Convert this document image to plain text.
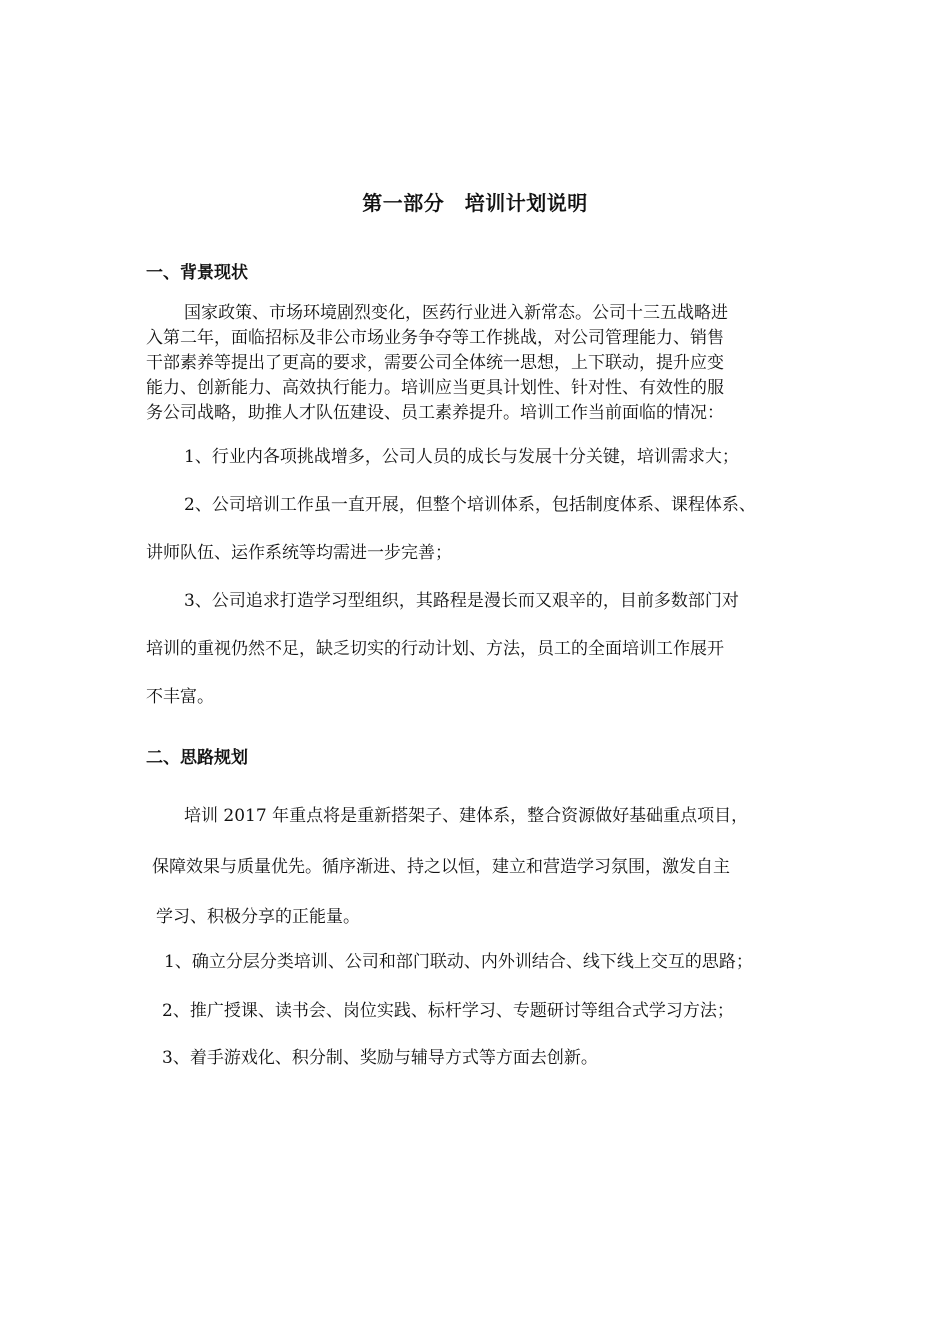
第一部分　培训计划说明
一、背景现状
国家政策、市场环境剧烈变化，医药行业进入新常态。公司十三五战略进
入第二年，面临招标及非公市场业务争夺等工作挑战，对公司管理能力、销售
干部素养等提出了更高的要求，需要公司全体统一思想，上下联动，提升应变
能力、创新能力、高效执行能力。培训应当更具计划性、针对性、有效性的服
务公司战略，助推人才队伍建设、员工素养提升。培训工作当前面临的情况：
1、行业内各项挑战增多，公司人员的成长与发展十分关键，培训需求大；
2、公司培训工作虽一直开展，但整个培训体系，包括制度体系、课程体系、
讲师队伍、运作系统等均需进一步完善；
3、公司追求打造学习型组织，其路程是漫长而又艰辛的，目前多数部门对
培训的重视仍然不足，缺乏切实的行动计划、方法，员工的全面培训工作展开
不丰富。
二、思路规划
培训 2017 年重点将是重新搭架子、建体系，整合资源做好基础重点项目，
保障效果与质量优先。循序渐进、持之以恒，建立和营造学习氛围，激发自主
学习、积极分享的正能量。
1、确立分层分类培训、公司和部门联动、内外训结合、线下线上交互的思路；
2、推广授课、读书会、岗位实践、标杆学习、专题研讨等组合式学习方法；
3、着手游戏化、积分制、奖励与辅导方式等方面去创新。
